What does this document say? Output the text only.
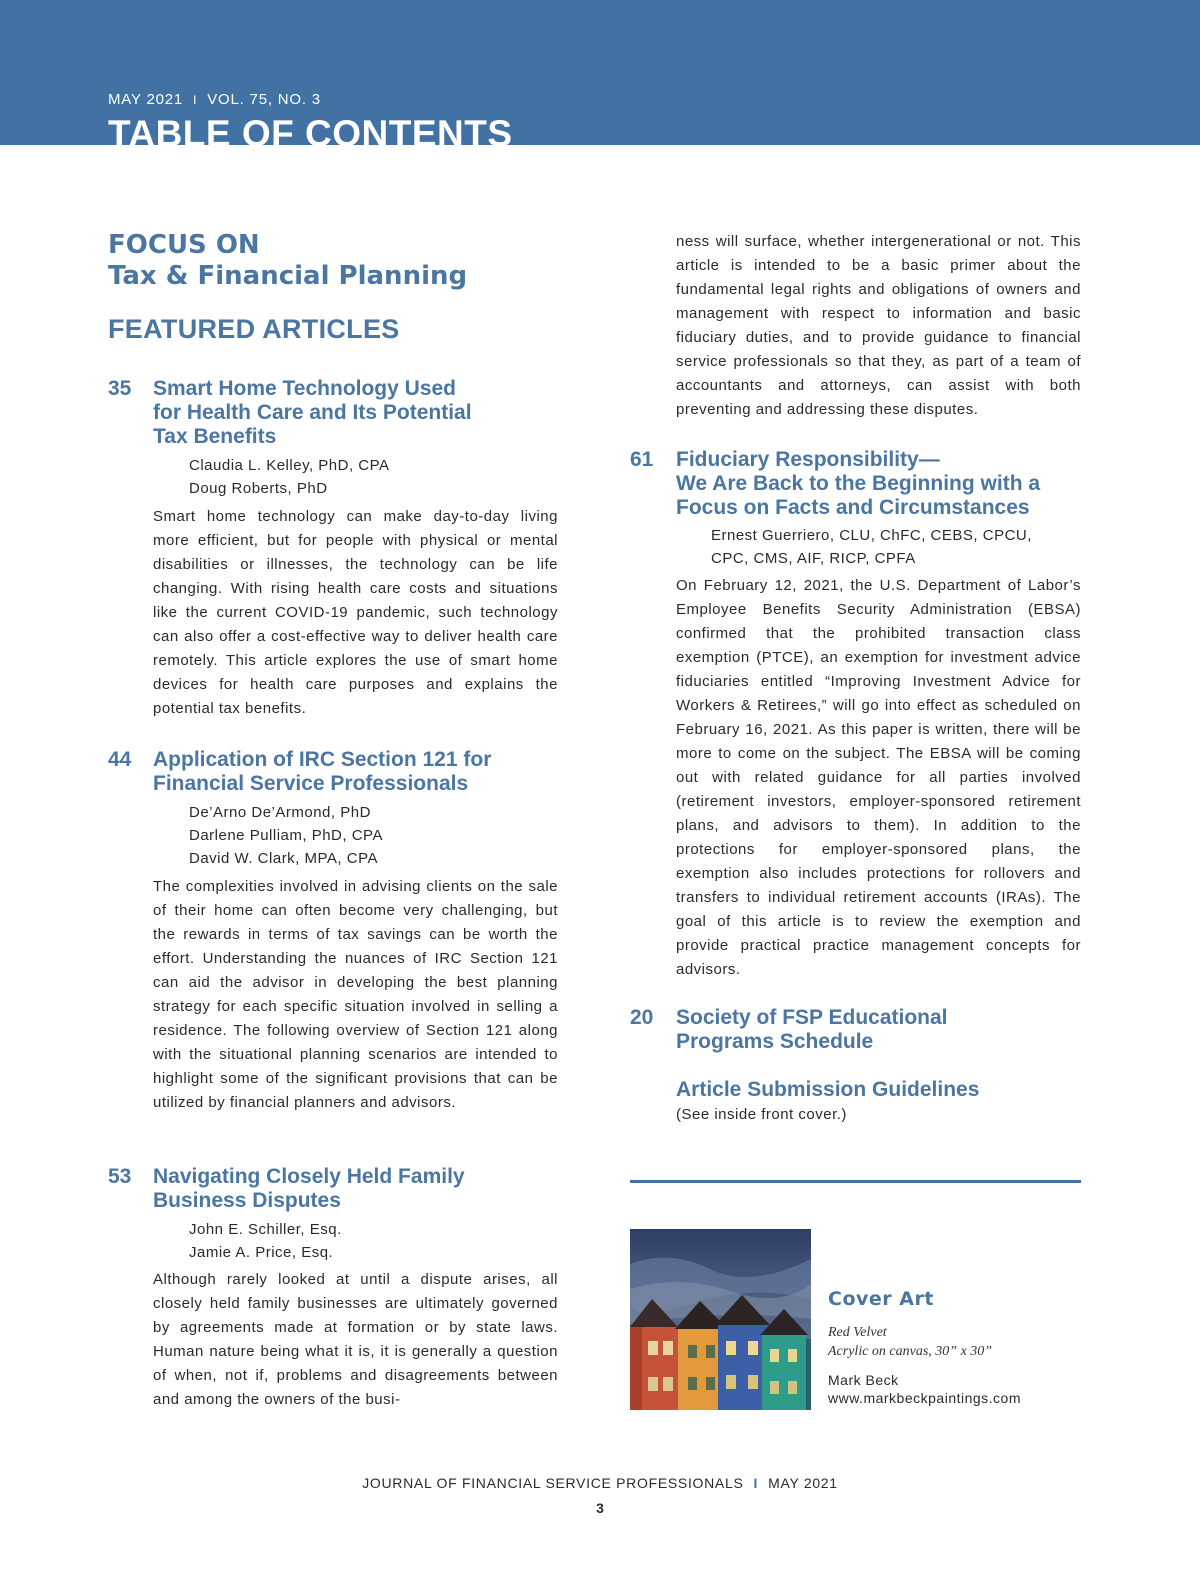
MAY 2021 I VOL. 75, NO. 3
TABLE OF CONTENTS
FOCUS ON
Tax & Financial Planning
FEATURED ARTICLES
35 Smart Home Technology Used
for Health Care and Its Potential
Tax Benefits
Claudia L. Kelley, PhD, CPA
Doug Roberts, PhD

Smart home technology can make day-to-day living more efficient, but for people with physical or mental disabilities or illnesses, the technology can be life changing. With rising health care costs and situations like the current COVID-19 pandemic, such technology can also offer a cost-effective way to deliver health care remotely. This article explores the use of smart home devices for health care purposes and explains the potential tax benefits.

44 Application of IRC Section 121 for
Financial Service Professionals
De’Arno De’Armond, PhD
Darlene Pulliam, PhD, CPA
David W. Clark, MPA, CPA

The complexities involved in advising clients on the sale of their home can often become very challenging, but the rewards in terms of tax savings can be worth the effort. Understanding the nuances of IRC Section 121 can aid the advisor in developing the best planning strategy for each specific situation involved in selling a residence. The following overview of Section 121 along with the situational planning scenarios are intended to highlight some of the significant provisions that can be utilized by financial planners and advisors.

53 Navigating Closely Held Family
Business Disputes
John E. Schiller, Esq.
Jamie A. Price, Esq.

Although rarely looked at until a dispute arises, all closely held family businesses are ultimately governed by agreements made at formation or by state laws. Human nature being what it is, it is generally a question of when, not if, problems and disagreements between and among the owners of the busi-

ness will surface, whether intergenerational or not. This article is intended to be a basic primer about the fundamental legal rights and obligations of owners and management with respect to information and basic fiduciary duties, and to provide guidance to financial service professionals so that they, as part of a team of accountants and attorneys, can assist with both preventing and addressing these disputes.

61 Fiduciary Responsibility—
We Are Back to the Beginning with a
Focus on Facts and Circumstances
Ernest Guerriero, CLU, ChFC, CEBS, CPCU,
CPC, CMS, AIF, RICP, CPFA

On February 12, 2021, the U.S. Department of Labor’s Employee Benefits Security Administration (EBSA) confirmed that the prohibited transaction class exemption (PTCE), an exemption for investment advice fiduciaries entitled “Improving Investment Advice for Workers & Retirees,” will go into effect as scheduled on February 16, 2021. As this paper is written, there will be more to come on the subject. The EBSA will be coming out with related guidance for all parties involved (retirement investors, employer-sponsored retirement plans, and advisors to them). In addition to the protections for employer-sponsored plans, the exemption also includes protections for rollovers and transfers to individual retirement accounts (IRAs). The goal of this article is to review the exemption and provide practical practice management concepts for advisors.

20 Society of FSP Educational
Programs Schedule
Article Submission Guidelines
(See inside front cover.)
Cover Art
Red Velvet
Acrylic on canvas, 30” x 30”
Mark Beck
www.markbeckpaintings.com
JOURNAL OF FINANCIAL SERVICE PROFESSIONALS I MAY 2021
3
